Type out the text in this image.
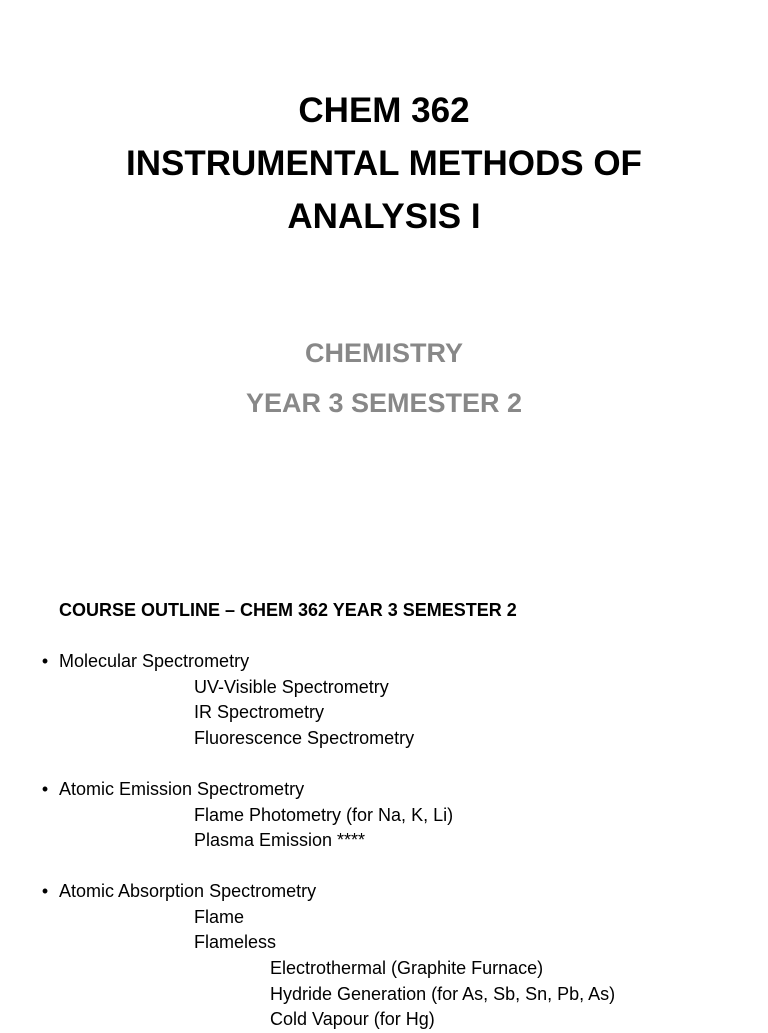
CHEM 362
INSTRUMENTAL METHODS OF
ANALYSIS I
CHEMISTRY
YEAR 3 SEMESTER 2
COURSE OUTLINE – CHEM 362 YEAR 3 SEMESTER 2
• Molecular Spectrometry
UV-Visible Spectrometry
IR Spectrometry
Fluorescence Spectrometry
• Atomic Emission Spectrometry
Flame Photometry (for Na, K, Li)
Plasma Emission ****
• Atomic Absorption Spectrometry
Flame
Flameless
Electrothermal (Graphite Furnace)
Hydride Generation (for As, Sb, Sn, Pb, As)
Cold Vapour (for Hg)
